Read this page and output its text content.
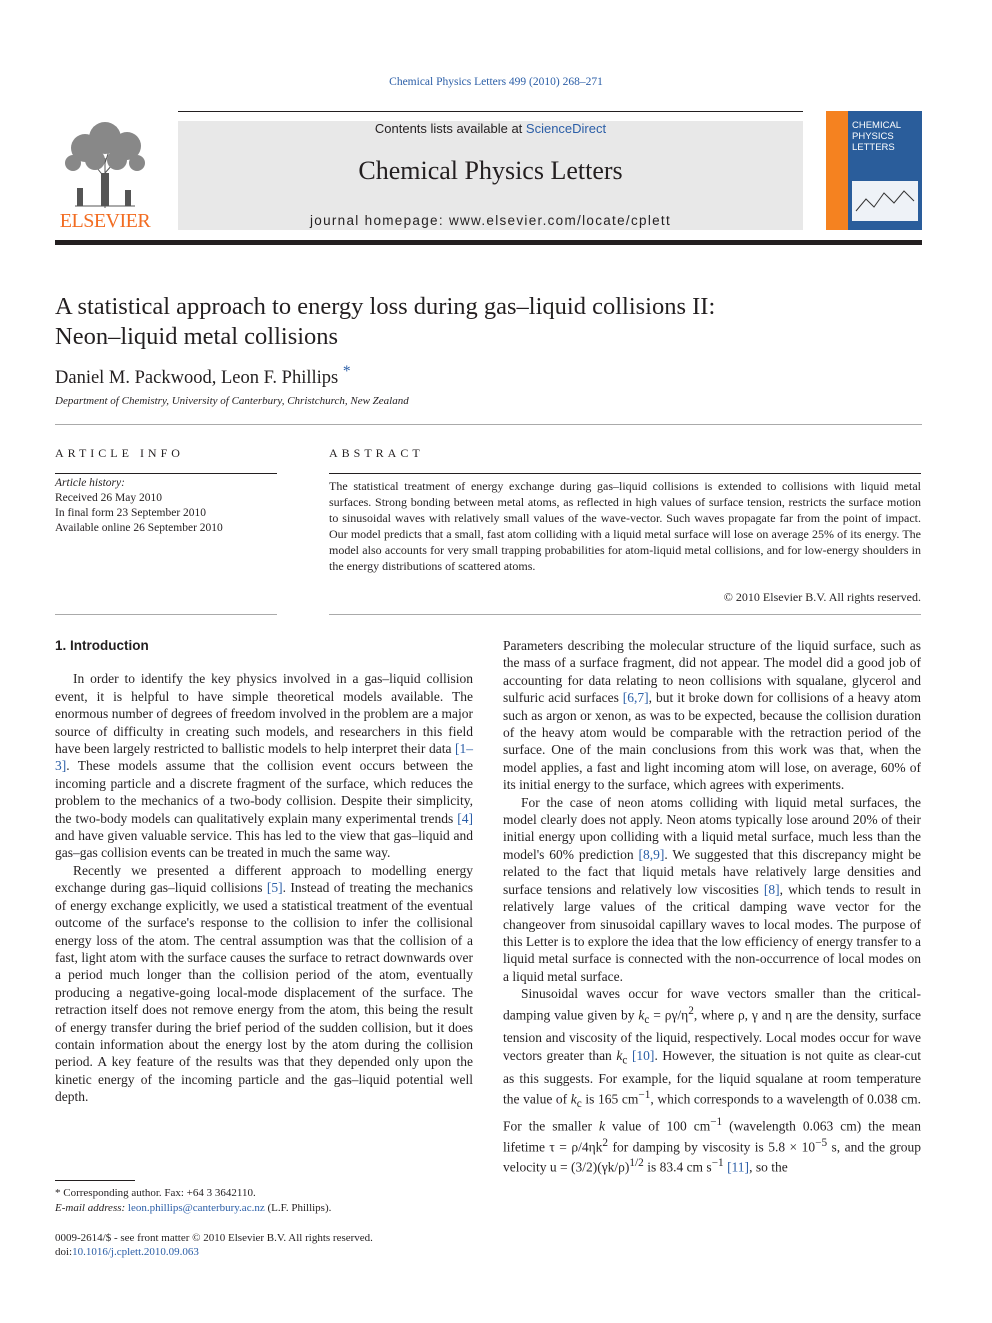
Chemical Physics Letters 499 (2010) 268–271
ELSEVIER
Contents lists available at ScienceDirect
Chemical Physics Letters
journal homepage: www.elsevier.com/locate/cplett
CHEMICAL
PHYSICS
LETTERS
A statistical approach to energy loss during gas–liquid collisions II:
Neon–liquid metal collisions
Daniel M. Packwood, Leon F. Phillips *
Department of Chemistry, University of Canterbury, Christchurch, New Zealand
ARTICLE INFO
Article history:
Received 26 May 2010
In final form 23 September 2010
Available online 26 September 2010
ABSTRACT
The statistical treatment of energy exchange during gas–liquid collisions is extended to collisions with liquid metal surfaces. Strong bonding between metal atoms, as reflected in high values of surface tension, restricts the surface motion to sinusoidal waves with relatively small values of the wave-vector. Such waves propagate far from the point of impact. Our model predicts that a small, fast atom colliding with a liquid metal surface will lose on average 25% of its energy. The model also accounts for very small trapping probabilities for atom-liquid metal collisions, and for low-energy shoulders in the energy distributions of scattered atoms.
© 2010 Elsevier B.V. All rights reserved.
1. Introduction

In order to identify the key physics involved in a gas–liquid collision event, it is helpful to have simple theoretical models available. The enormous number of degrees of freedom involved in the problem are a major source of difficulty in creating such models, and researchers in this field have been largely restricted to ballistic models to help interpret their data [1–3]. These models assume that the collision event occurs between the incoming particle and a discrete fragment of the surface, which reduces the problem to the mechanics of a two-body collision. Despite their simplicity, the two-body models can qualitatively explain many experimental trends [4] and have given valuable service. This has led to the view that gas–liquid and gas–gas collision events can be treated in much the same way.

Recently we presented a different approach to modelling energy exchange during gas–liquid collisions [5]. Instead of treating the mechanics of energy exchange explicitly, we used a statistical treatment of the eventual outcome of the surface's response to the collision to infer the collisional energy loss of the atom. The central assumption was that the collision of a fast, light atom with the surface causes the surface to retract downwards over a period much longer than the collision period of the atom, eventually producing a negative-going local-mode displacement of the surface. The retraction itself does not remove energy from the atom, this being the result of energy transfer during the brief period of the sudden collision, but it does contain information about the energy lost by the atom during the collision period. A key feature of the results was that they depended only upon the kinetic energy of the incoming particle and the gas–liquid potential well depth.

Parameters describing the molecular structure of the liquid surface, such as the mass of a surface fragment, did not appear. The model did a good job of accounting for data relating to neon collisions with squalane, glycerol and sulfuric acid surfaces [6,7], but it broke down for collisions of a heavy atom such as argon or xenon, as was to be expected, because the collision duration of the heavy atom would be comparable with the retraction period of the surface. One of the main conclusions from this work was that, when the model applies, a fast and light incoming atom will lose, on average, 60% of its initial energy to the surface, which agrees with experiments.

For the case of neon atoms colliding with liquid metal surfaces, the model clearly does not apply. Neon atoms typically lose around 20% of their initial energy upon colliding with a liquid metal surface, much less than the model's 60% prediction [8,9]. We suggested that this discrepancy might be related to the fact that liquid metals have relatively large densities and surface tensions and relatively low viscosities [8], which tends to result in relatively large values of the critical damping wave vector for the changeover from sinusoidal capillary waves to local modes. The purpose of this Letter is to explore the idea that the low efficiency of energy transfer to a liquid metal surface is connected with the non-occurrence of local modes on a liquid metal surface.

Sinusoidal waves occur for wave vectors smaller than the critical-damping value given by $k_c = \rho\gamma/\eta^2$, where ρ, γ and η are the density, surface tension and viscosity of the liquid, respectively. Local modes occur for wave vectors greater than $k_c$ [10]. However, the situation is not quite as clear-cut as this suggests. For example, for the liquid squalane at room temperature the value of $k_c$ is 165 $cm^{-1}$, which corresponds to a wavelength of 0.038 cm. For the smaller k value of 100 $cm^{-1}$ (wavelength 0.063 cm) the mean lifetime $\tau = \rho/4\eta k^2$ for damping by viscosity is $5.8 \times 10^{-5}$ s, and the group velocity $u = (3/2)(\gamma k/\rho)^{1/2}$ is 83.4 cm $s^{-1}$ [11], so the

* Corresponding author. Fax: +64 3 3642110.
E-mail address: leon.phillips@canterbury.ac.nz (L.F. Phillips).
0009-2614/$ - see front matter © 2010 Elsevier B.V. All rights reserved.
doi:10.1016/j.cplett.2010.09.063
